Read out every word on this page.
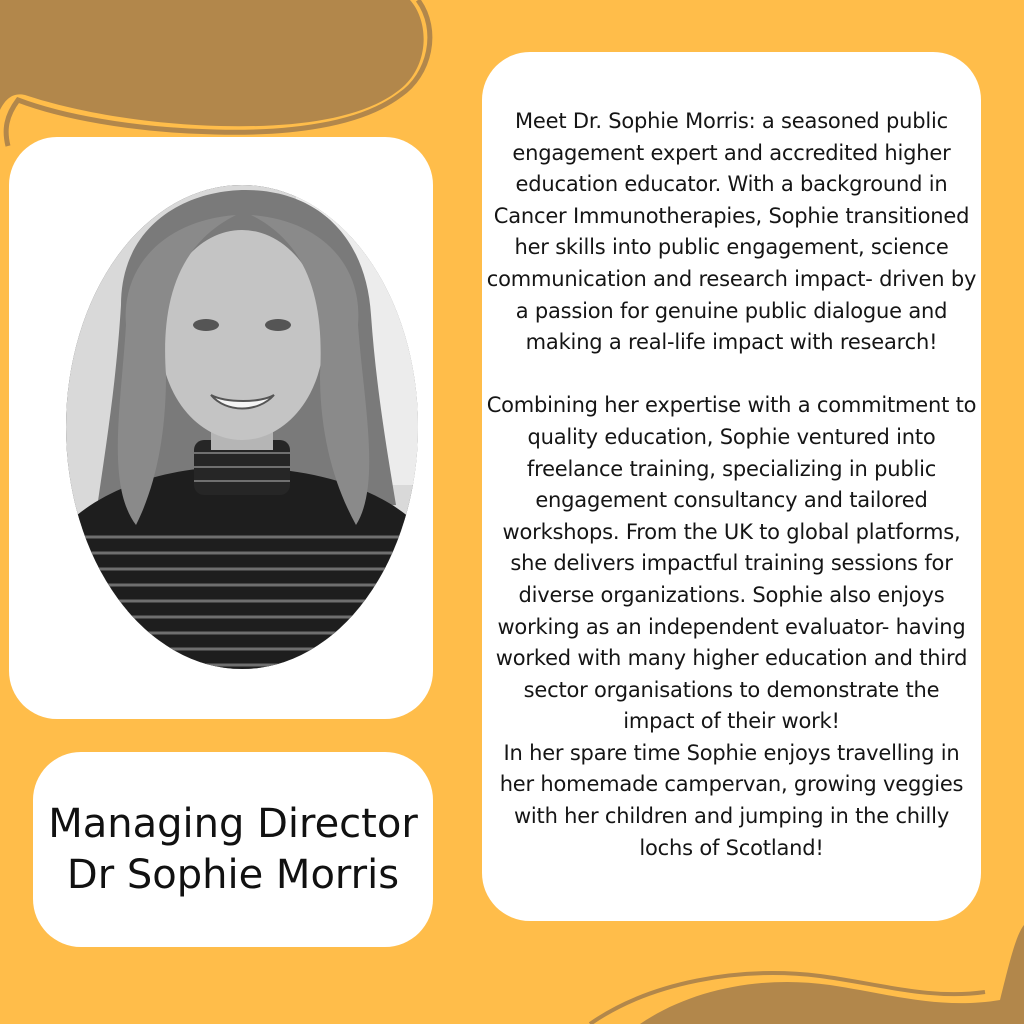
Managing Director
Dr Sophie Morris

Meet Dr. Sophie Morris: a seasoned public
engagement expert and accredited higher
education educator. With a background in
Cancer Immunotherapies, Sophie transitioned
her skills into public engagement, science
communication and research impact- driven by
a passion for genuine public dialogue and
making a real-life impact with research!

Combining her expertise with a commitment to
quality education, Sophie ventured into
freelance training, specializing in public
engagement consultancy and tailored
workshops. From the UK to global platforms,
she delivers impactful training sessions for
diverse organizations. Sophie also enjoys
working as an independent evaluator- having
worked with many higher education and third
sector organisations to demonstrate the
impact of their work!

In her spare time Sophie enjoys travelling in
her homemade campervan, growing veggies
with her children and jumping in the chilly
lochs of Scotland!
